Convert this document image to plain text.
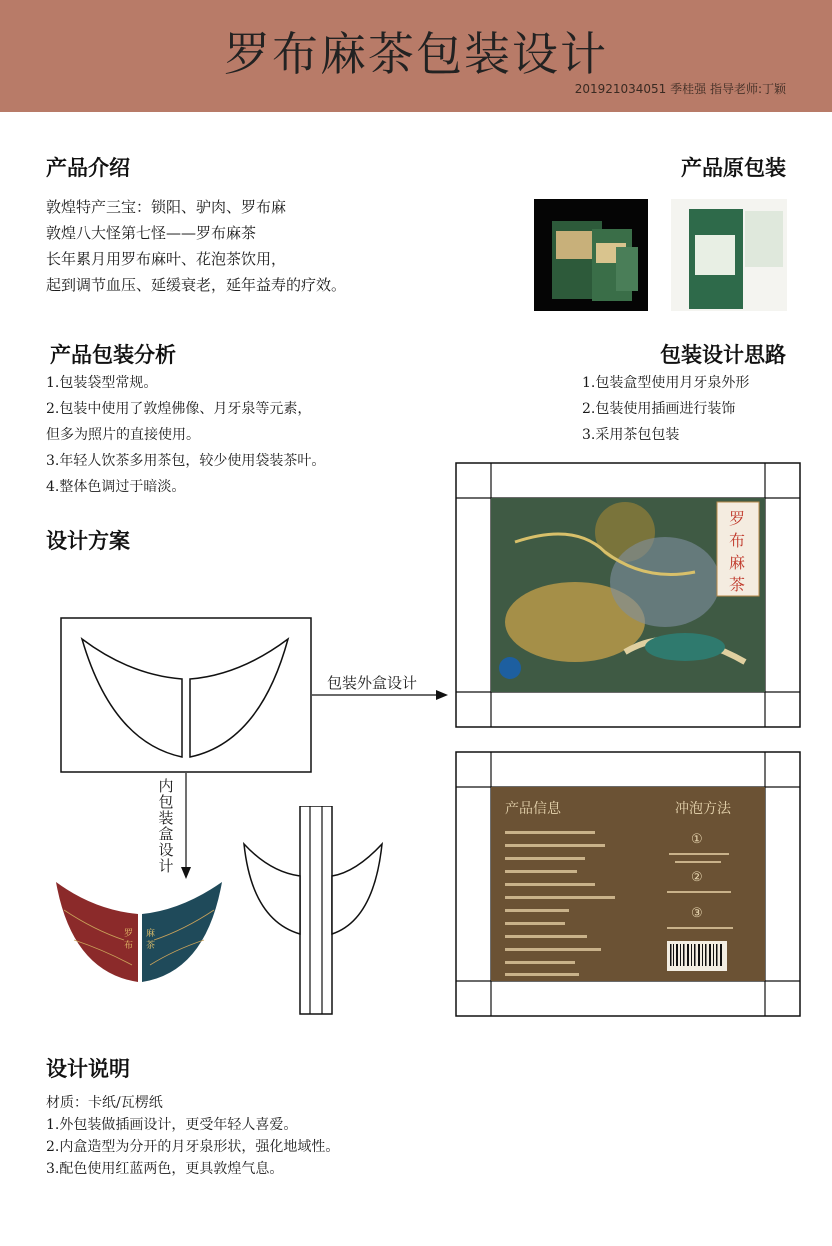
罗布麻茶包装设计
201921034051 季桂强 指导老师:丁颖
产品介绍
敦煌特产三宝：锁阳、驴肉、罗布麻
敦煌八大怪第七怪——罗布麻茶
长年累月用罗布麻叶、花泡茶饮用，
起到调节血压、延缓衰老，延年益寿的疗效。
产品原包装
产品包装分析
1.包装袋型常规。
2.包装中使用了敦煌佛像、月牙泉等元素，
但多为照片的直接使用。
3.年轻人饮茶多用茶包，较少使用袋装茶叶。
4.整体色调过于暗淡。
包装设计思路
1.包装盒型使用月牙泉外形
2.包装使用插画进行装饰
3.采用茶包包装
设计方案
包装外盒设计
内
包
装
盒
设
计
罗
布
麻
茶
罗
布
麻
茶
产品信息	冲泡方法
①
②
③
设计说明
材质：卡纸/瓦楞纸
1.外包装做插画设计，更受年轻人喜爱。
2.内盒造型为分开的月牙泉形状，强化地域性。
3.配色使用红蓝两色，更具敦煌气息。
